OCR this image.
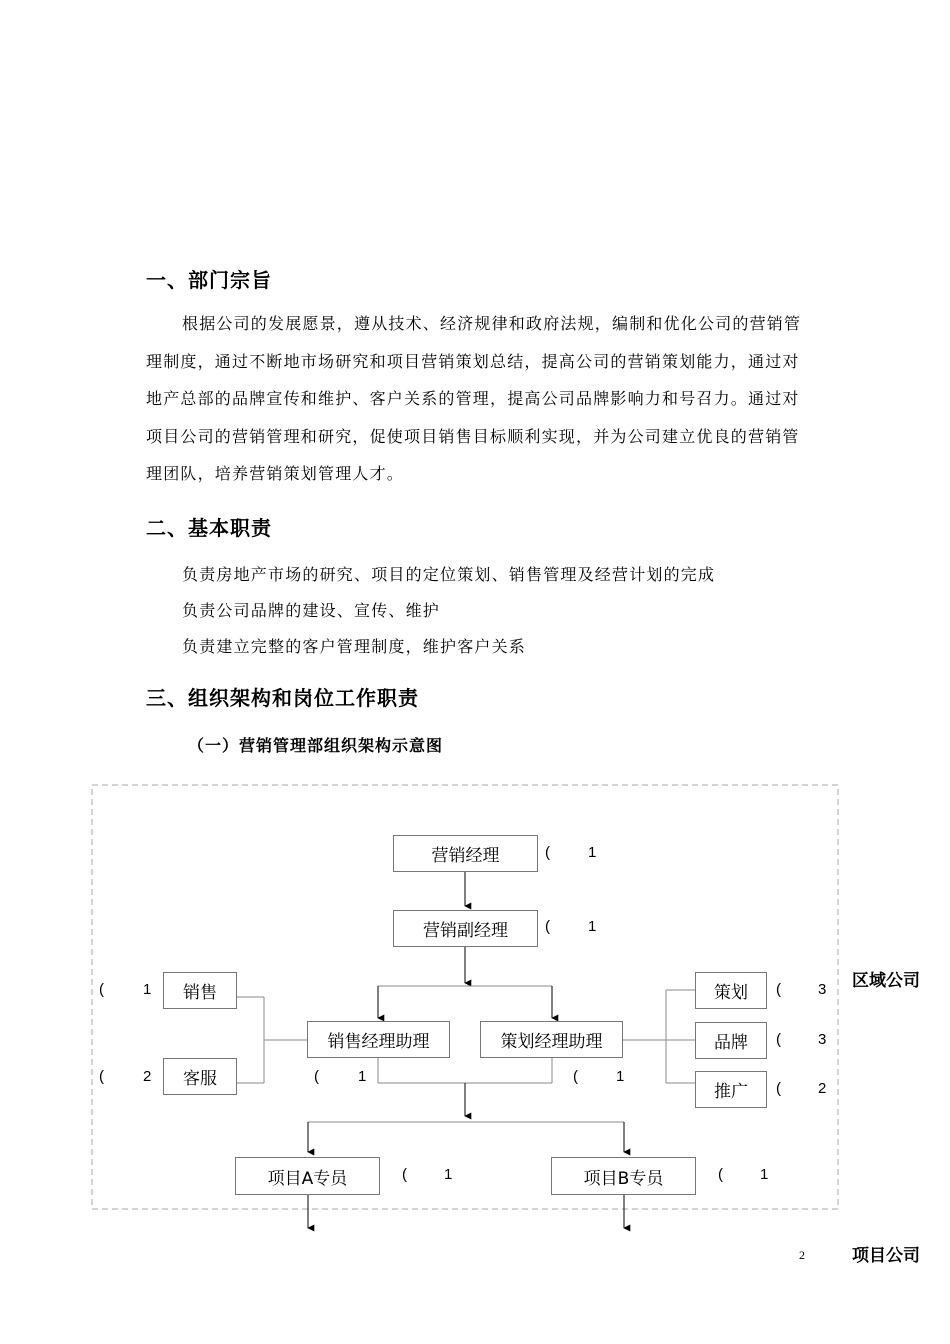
一、部门宗旨
根据公司的发展愿景，遵从技术、经济规律和政府法规，编制和优化公司的营销管理制度，通过不断地市场研究和项目营销策划总结，提高公司的营销策划能力，通过对地产总部的品牌宣传和维护、客户关系的管理，提高公司品牌影响力和号召力。通过对项目公司的营销管理和研究，促使项目销售目标顺利实现，并为公司建立优良的营销管理团队，培养营销策划管理人才。
二、基本职责
负责房地产市场的研究、项目的定位策划、销售管理及经营计划的完成
负责公司品牌的建设、宣传、维护
负责建立完整的客户管理制度，维护客户关系
三、组织架构和岗位工作职责
（一）营销管理部组织架构示意图
营销经理
营销副经理
销售
客服
销售经理助理	策划经理助理
策划
品牌
推广
项目A专员	项目B专员
(	1
(	1
(	1
(	2	(	1	(	1
( 3
( 3
( 2
( 1	( 1
区域公司
项目公司
2
